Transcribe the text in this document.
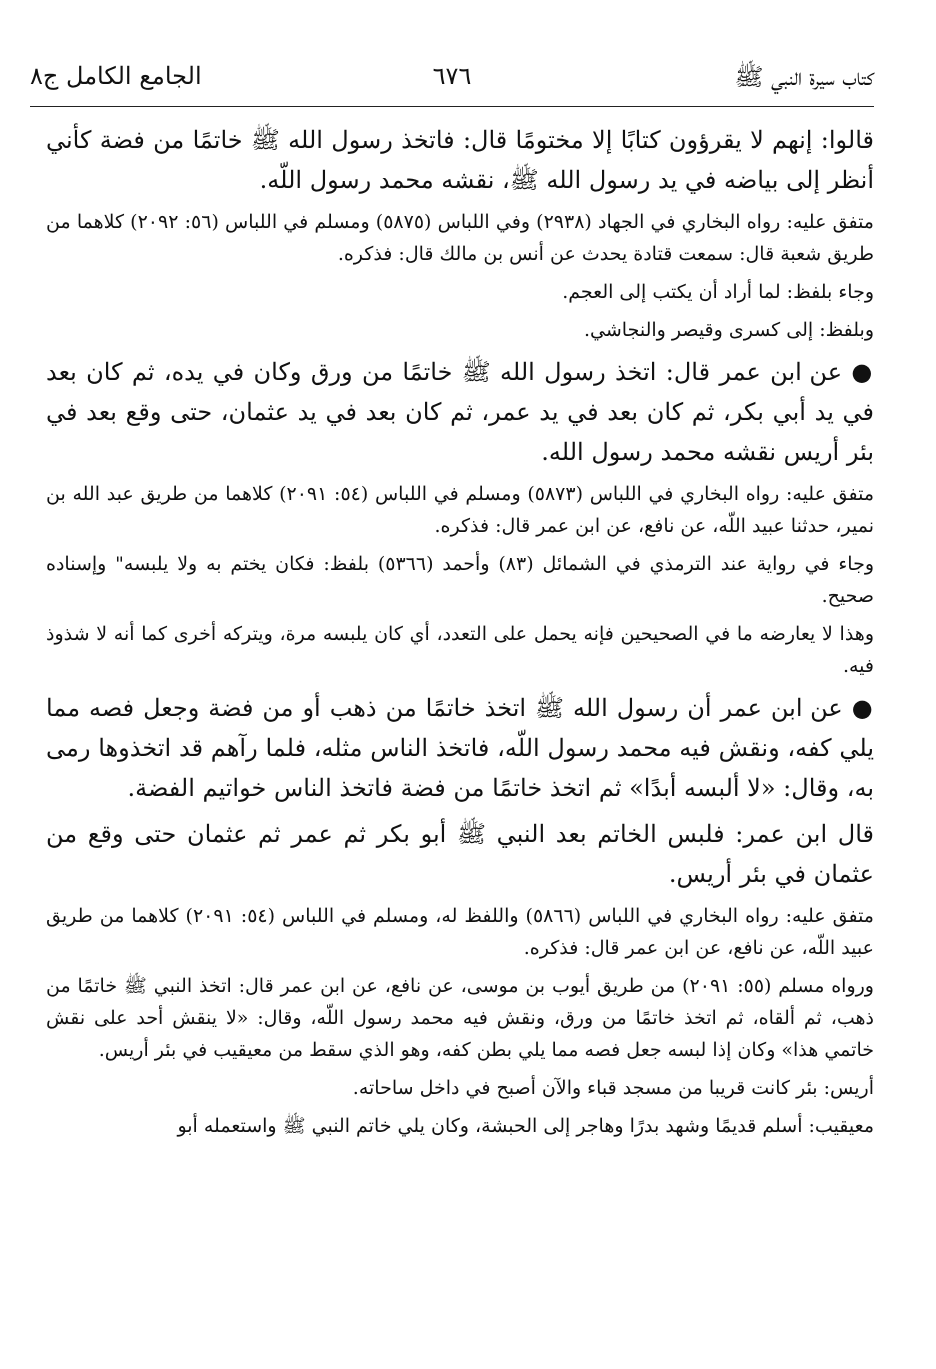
كتاب سيرة النبي ﷺ
٦٧٦
الجامع الكامل ج٨

قالوا: إنهم لا يقرؤون كتابًا إلا مختومًا قال: فاتخذ رسول الله ﷺ خاتمًا من فضة كأني أنظر إلى بياضه في يد رسول الله ﷺ، نقشه محمد رسول اللّه.

متفق عليه: رواه البخاري في الجهاد (٢٩٣٨) وفي اللباس (٥٨٧٥) ومسلم في اللباس (٥٦: ٢٠٩٢) كلاهما من طريق شعبة قال: سمعت قتادة يحدث عن أنس بن مالك قال: فذكره.

وجاء بلفظ: لما أراد أن يكتب إلى العجم.

وبلفظ: إلى كسرى وقيصر والنجاشي.

● عن ابن عمر قال: اتخذ رسول الله ﷺ خاتمًا من ورق وكان في يده، ثم كان بعد في يد أبي بكر، ثم كان بعد في يد عمر، ثم كان بعد في يد عثمان، حتى وقع بعد في بئر أريس نقشه محمد رسول الله.

متفق عليه: رواه البخاري في اللباس (٥٨٧٣) ومسلم في اللباس (٥٤: ٢٠٩١) كلاهما من طريق عبد الله بن نمير، حدثنا عبيد اللّه، عن نافع، عن ابن عمر قال: فذكره.

وجاء في رواية عند الترمذي في الشمائل (٨٣) وأحمد (٥٣٦٦) بلفظ: فكان يختم به ولا يلبسه" وإسناده صحيح.

وهذا لا يعارضه ما في الصحيحين فإنه يحمل على التعدد، أي كان يلبسه مرة، ويتركه أخرى كما أنه لا شذوذ فيه.

● عن ابن عمر أن رسول الله ﷺ اتخذ خاتمًا من ذهب أو من فضة وجعل فصه مما يلي كفه، ونقش فيه محمد رسول اللّه، فاتخذ الناس مثله، فلما رآهم قد اتخذوها رمى به، وقال: «لا ألبسه أبدًا» ثم اتخذ خاتمًا من فضة فاتخذ الناس خواتيم الفضة.

قال ابن عمر: فلبس الخاتم بعد النبي ﷺ أبو بكر ثم عمر ثم عثمان حتى وقع من عثمان في بئر أريس.

متفق عليه: رواه البخاري في اللباس (٥٨٦٦) واللفظ له، ومسلم في اللباس (٥٤: ٢٠٩١) كلاهما من طريق عبيد اللّه، عن نافع، عن ابن عمر قال: فذكره.

ورواه مسلم (٥٥: ٢٠٩١) من طريق أيوب بن موسى، عن نافع، عن ابن عمر قال: اتخذ النبي ﷺ خاتمًا من ذهب، ثم ألقاه، ثم اتخذ خاتمًا من ورق، ونقش فيه محمد رسول اللّه، وقال: «لا ينقش أحد على نقش خاتمي هذا» وكان إذا لبسه جعل فصه مما يلي بطن كفه، وهو الذي سقط من معيقيب في بئر أريس.

أريس: بئر كانت قريبا من مسجد قباء والآن أصبح في داخل ساحاته.

معيقيب: أسلم قديمًا وشهد بدرًا وهاجر إلى الحبشة، وكان يلي خاتم النبي ﷺ واستعمله أبو
